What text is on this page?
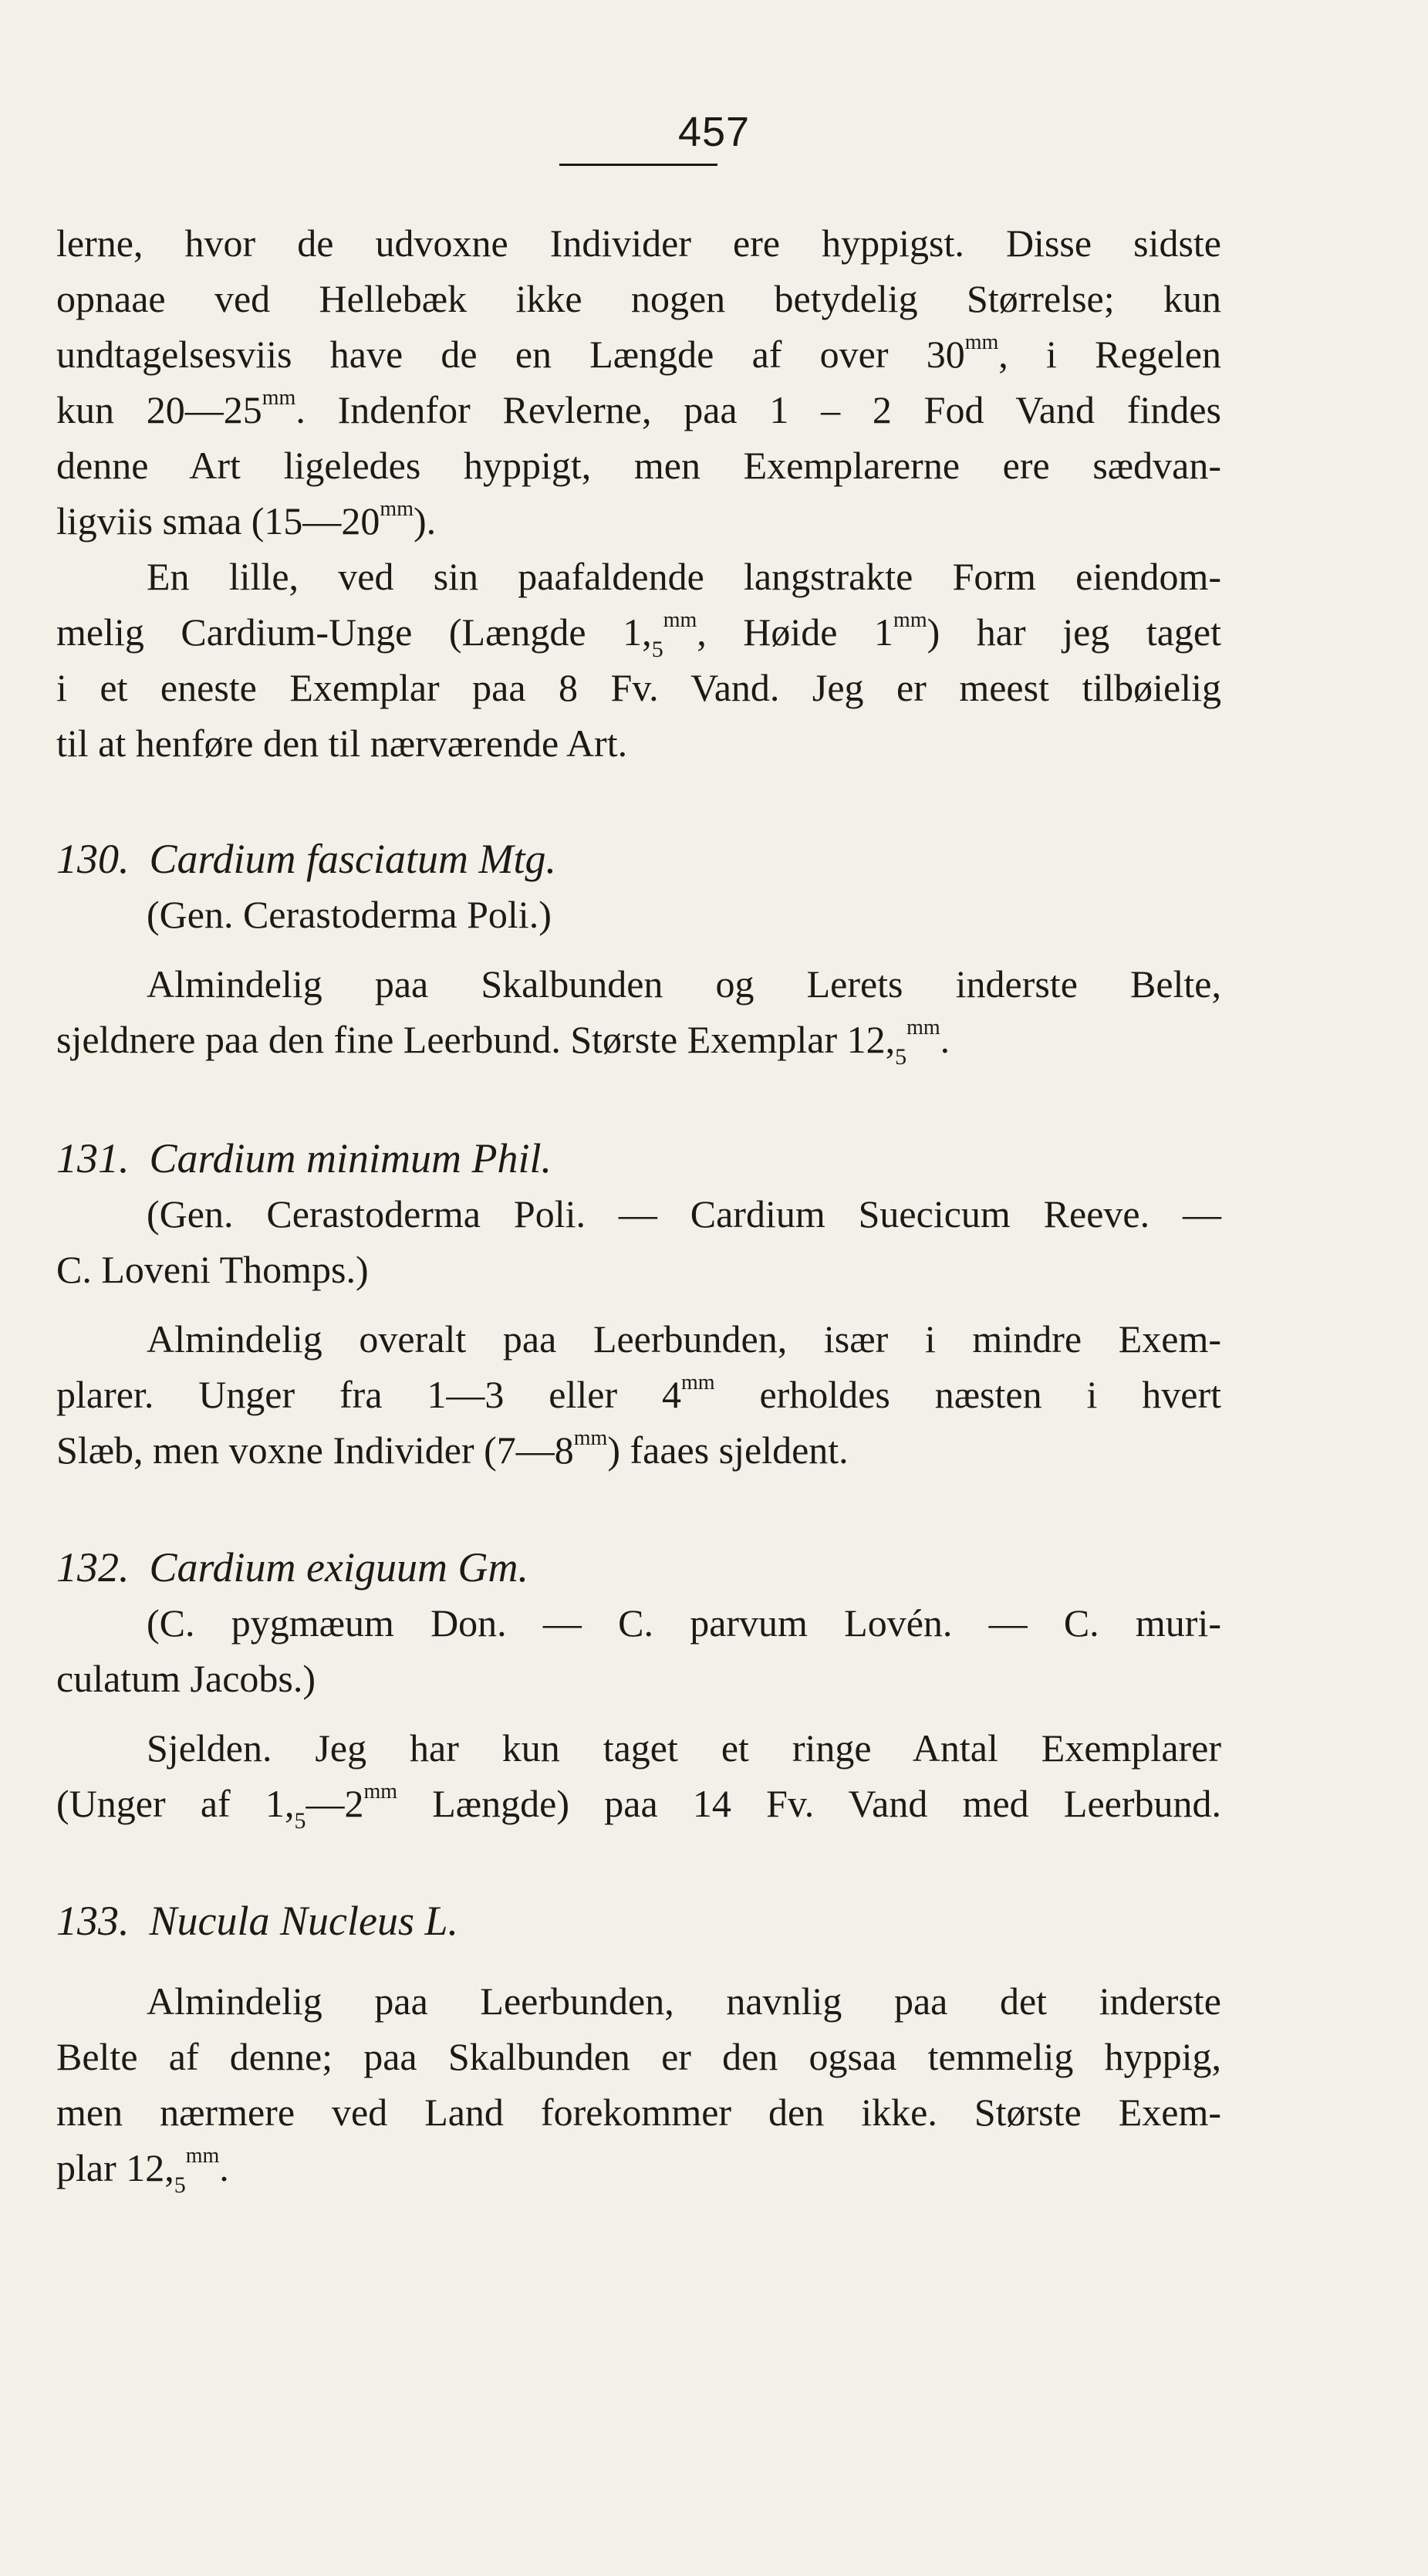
457
lerne, hvor de udvoxne Individer ere hyppigst. Disse sidste
opnaae ved Hellebæk ikke nogen betydelig Størrelse; kun
undtagelsesviis have de en Længde af over $30^{mm}$, i Regelen
kun $20—25^{mm}$. Indenfor Revlerne, paa 1 – 2 Fod Vand findes
denne Art ligeledes hyppigt, men Exemplarerne ere sædvan-
ligviis smaa $(15—20^{mm})$.
En lille, ved sin paafaldende langstrakte Form eiendom-
melig Cardium-Unge (Længde $1,_5^{mm}$, Høide $1^{mm}$) har jeg taget
i et eneste Exemplar paa 8 Fv. Vand. Jeg er meest tilbøielig
til at henføre den til nærværende Art.
130. Cardium fasciatum Mtg.
(Gen. Cerastoderma Poli.)
Almindelig paa Skalbunden og Lerets inderste Belte,
sjeldnere paa den fine Leerbund. Største Exemplar $12,_5^{mm}$.
131. Cardium minimum Phil.
(Gen. Cerastoderma Poli. — Cardium Suecicum Reeve. —
C. Loveni Thomps.)
Almindelig overalt paa Leerbunden, især i mindre Exem-
plarer. Unger fra 1—3 eller $4^{mm}$ erholdes næsten i hvert
Slæb, men voxne Individer $(7—8^{mm})$ faaes sjeldent.
132. Cardium exiguum Gm.
(C. pygmæum Don. — C. parvum Lovén. — C. muri-
culatum Jacobs.)
Sjelden. Jeg har kun taget et ringe Antal Exemplarer
(Unger af $1,_5—2^{mm}$ Længde) paa 14 Fv. Vand med Leerbund.
133. Nucula Nucleus L.
Almindelig paa Leerbunden, navnlig paa det inderste
Belte af denne; paa Skalbunden er den ogsaa temmelig hyppig,
men nærmere ved Land forekommer den ikke. Største Exem-
plar $12,_5^{mm}$.
